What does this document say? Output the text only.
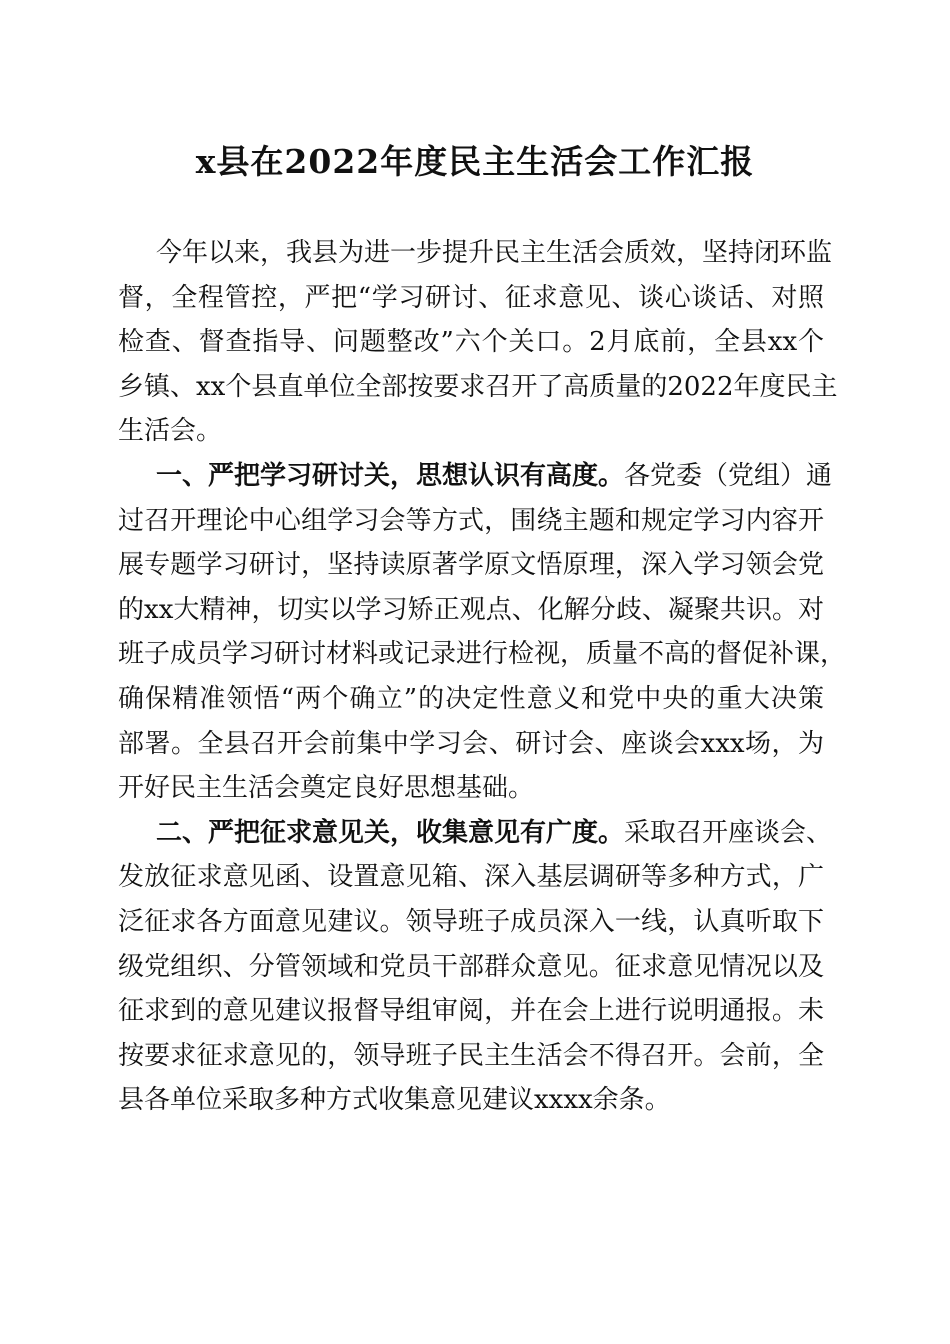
x县在2022年度民主生活会工作汇报
今年以来，我县为进一步提升民主生活会质效，坚持闭环监
督，全程管控，严把“学习研讨、征求意见、谈心谈话、对照
检查、督查指导、问题整改”六个关口。2月底前，全县xx个
乡镇、xx个县直单位全部按要求召开了高质量的2022年度民主
生活会。
一、严把学习研讨关，思想认识有高度。各党委（党组）通
过召开理论中心组学习会等方式，围绕主题和规定学习内容开
展专题学习研讨，坚持读原著学原文悟原理，深入学习领会党
的xx大精神，切实以学习矫正观点、化解分歧、凝聚共识。对
班子成员学习研讨材料或记录进行检视，质量不高的督促补课，
确保精准领悟“两个确立”的决定性意义和党中央的重大决策
部署。全县召开会前集中学习会、研讨会、座谈会xxx场，为
开好民主生活会奠定良好思想基础。
二、严把征求意见关，收集意见有广度。采取召开座谈会、
发放征求意见函、设置意见箱、深入基层调研等多种方式，广
泛征求各方面意见建议。领导班子成员深入一线，认真听取下
级党组织、分管领域和党员干部群众意见。征求意见情况以及
征求到的意见建议报督导组审阅，并在会上进行说明通报。未
按要求征求意见的，领导班子民主生活会不得召开。会前，全
县各单位采取多种方式收集意见建议xxxx余条。
